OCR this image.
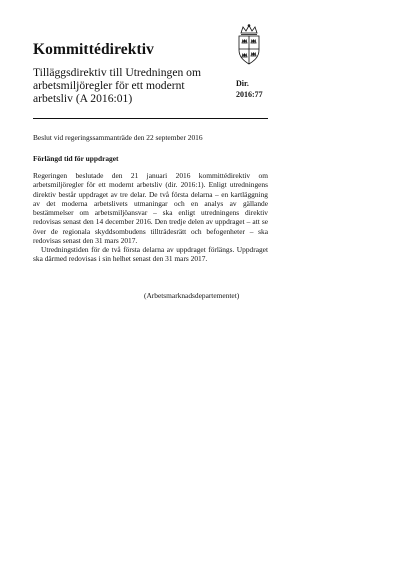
Kommittédirektiv
Tilläggsdirektiv till Utredningen om arbetsmiljöregler för ett modernt arbetsliv (A 2016:01)
Dir.
2016:77
Beslut vid regeringssammanträde den 22 september 2016
Förlängd tid för uppdraget

Regeringen beslutade den 21 januari 2016 kommittédirektiv om arbetsmiljöregler för ett modernt arbetsliv (dir. 2016:1). Enligt utredningens direktiv består uppdraget av tre delar. De två första delarna – en kartläggning av det moderna arbetslivets utmaningar och en analys av gällande bestämmelser om arbetsmiljöansvar – ska enligt utredningens direktiv redovisas senast den 14 december 2016. Den tredje delen av uppdraget – att se över de regionala skyddsombudens tillträdesrätt och befogenheter – ska redovisas senast den 31 mars 2017.

Utredningstiden för de två första delarna av uppdraget förlängs. Uppdraget ska därmed redovisas i sin helhet senast den 31 mars 2017.

(Arbetsmarknadsdepartementet)
